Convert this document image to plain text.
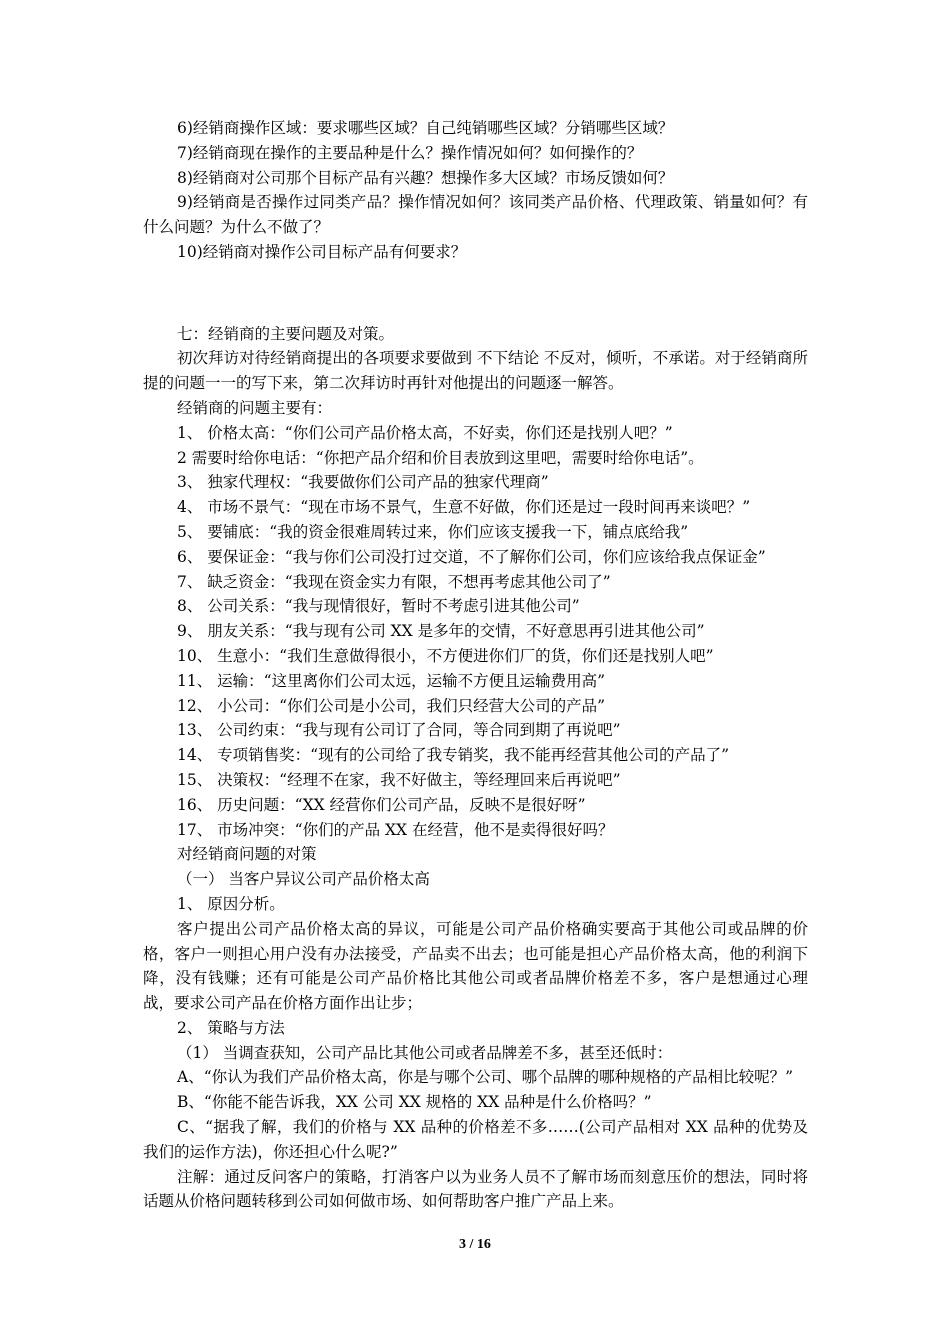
6)经销商操作区域：要求哪些区域？自己纯销哪些区域？分销哪些区域？

7)经销商现在操作的主要品种是什么？操作情况如何？如何操作的？

8)经销商对公司那个目标产品有兴趣？想操作多大区域？市场反馈如何？

9)经销商是否操作过同类产品？操作情况如何？该同类产品价格、代理政策、销量如何？有什么问题？为什么不做了？

10)经销商对操作公司目标产品有何要求？

七：经销商的主要问题及对策。

初次拜访对待经销商提出的各项要求要做到 不下结论 不反对，倾听，不承诺。对于经销商所提的问题一一的写下来，第二次拜访时再针对他提出的问题逐一解答。

经销商的问题主要有：

1、 价格太高：“你们公司产品价格太高，不好卖，你们还是找别人吧？”

2 需要时给你电话：“你把产品介绍和价目表放到这里吧，需要时给你电话”。

3、 独家代理权：“我要做你们公司产品的独家代理商”

4、 市场不景气：“现在市场不景气，生意不好做，你们还是过一段时间再来谈吧？”

5、 要铺底：“我的资金很难周转过来，你们应该支援我一下，铺点底给我”

6、 要保证金：“我与你们公司没打过交道，不了解你们公司，你们应该给我点保证金”

7、 缺乏资金：“我现在资金实力有限，不想再考虑其他公司了”

8、 公司关系：“我与现情很好，暂时不考虑引进其他公司”

9、 朋友关系：“我与现有公司 XX 是多年的交情，不好意思再引进其他公司”

10、 生意小：“我们生意做得很小，不方便进你们厂的货，你们还是找别人吧”

11、 运输：“这里离你们公司太远，运输不方便且运输费用高”

12、 小公司：“你们公司是小公司，我们只经营大公司的产品”

13、 公司约束：“我与现有公司订了合同，等合同到期了再说吧”

14、 专项销售奖：“现有的公司给了我专销奖，我不能再经营其他公司的产品了”

15、 决策权：“经理不在家，我不好做主，等经理回来后再说吧”

16、 历史问题：“XX 经营你们公司产品，反映不是很好呀”

17、 市场冲突：“你们的产品 XX 在经营，他不是卖得很好吗？

对经销商问题的对策

（一） 当客户异议公司产品价格太高

1、 原因分析。

客户提出公司产品价格太高的异议，可能是公司产品价格确实要高于其他公司或品牌的价格，客户一则担心用户没有办法接受，产品卖不出去；也可能是担心产品价格太高，他的利润下降，没有钱赚；还有可能是公司产品价格比其他公司或者品牌价格差不多，客户是想通过心理战，要求公司产品在价格方面作出让步；

2、 策略与方法

（1） 当调查获知，公司产品比其他公司或者品牌差不多，甚至还低时：

A、“你认为我们产品价格太高，你是与哪个公司、哪个品牌的哪种规格的产品相比较呢？”

B、“你能不能告诉我，XX 公司 XX 规格的 XX 品种是什么价格吗？”

C、“据我了解，我们的价格与 XX 品种的价格差不多……(公司产品相对 XX 品种的优势及我们的运作方法)，你还担心什么呢?”

注解：通过反问客户的策略，打消客户以为业务人员不了解市场而刻意压价的想法，同时将话题从价格问题转移到公司如何做市场、如何帮助客户推广产品上来。

3 / 16
